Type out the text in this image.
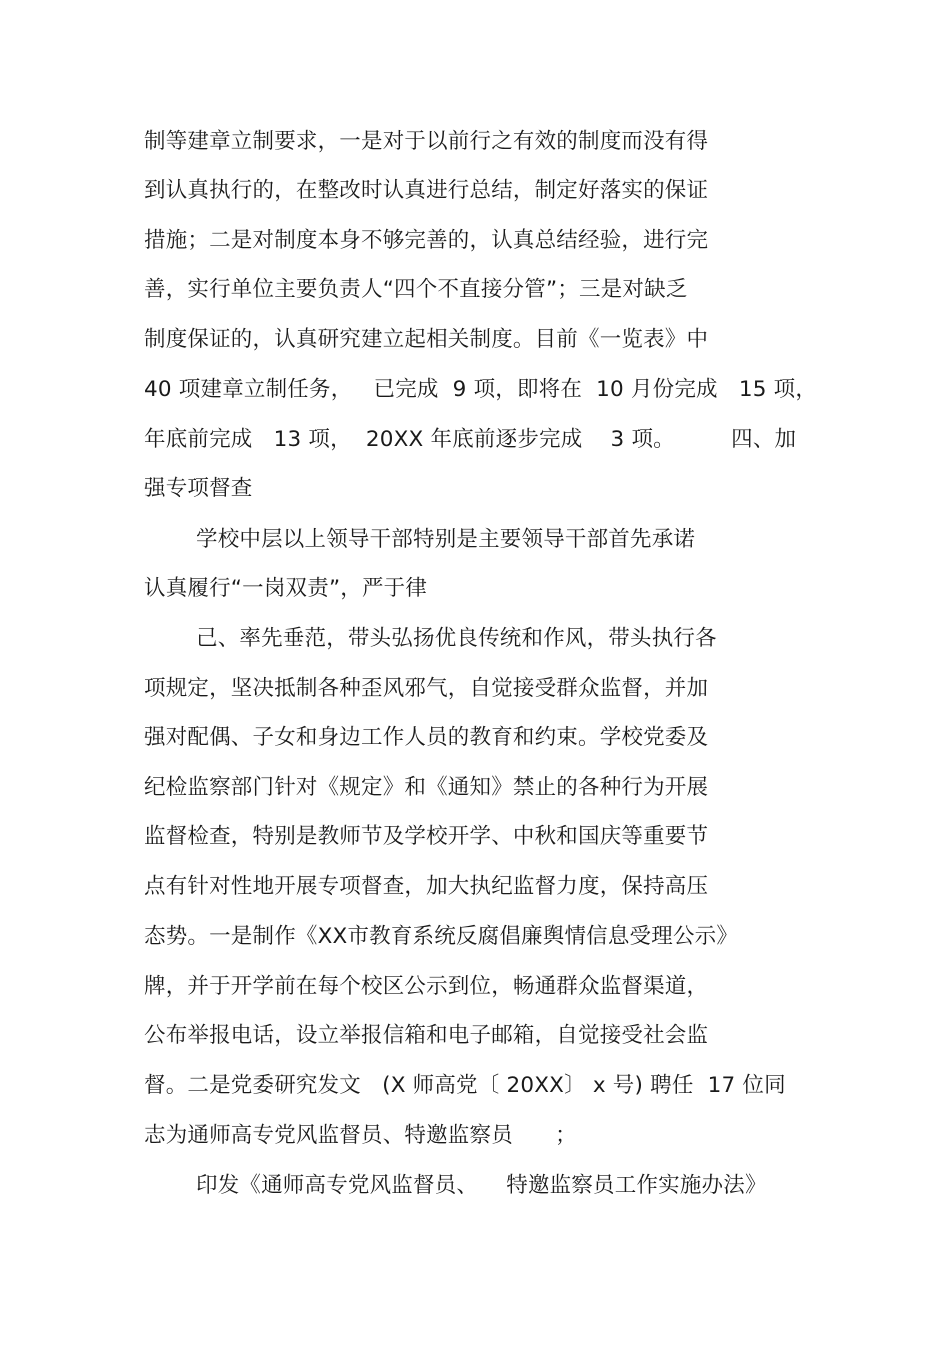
制等建章立制要求，一是对于以前行之有效的制度而没有得
到认真执行的，在整改时认真进行总结，制定好落实的保证
措施；二是对制度本身不够完善的，认真总结经验，进行完
善，实行单位主要负责人“四个不直接分管”；三是对缺乏
制度保证的，认真研究建立起相关制度。目前《一览表》中
40 项建章立制任务，   已完成  9 项，即将在  10 月份完成   15 项，
年底前完成   13 项，  20XX 年底前逐步完成    3 项。        四、加
强专项督查
学校中层以上领导干部特别是主要领导干部首先承诺
认真履行“一岗双责”，严于律
己、率先垂范，带头弘扬优良传统和作风，带头执行各
项规定，坚决抵制各种歪风邪气，自觉接受群众监督，并加
强对配偶、子女和身边工作人员的教育和约束。学校党委及
纪检监察部门针对《规定》和《通知》禁止的各种行为开展
监督检查，特别是教师节及学校开学、中秋和国庆等重要节
点有针对性地开展专项督查，加大执纪监督力度，保持高压
态势。一是制作《XX市教育系统反腐倡廉舆情信息受理公示》
牌，并于开学前在每个校区公示到位，畅通群众监督渠道，
公布举报电话，设立举报信箱和电子邮箱，自觉接受社会监
督。二是党委研究发文   (X 师高党〔 20XX〕 x 号) 聘任  17 位同
志为通师高专党风监督员、特邀监察员      ；
印发《通师高专党风监督员、    特邀监察员工作实施办法》
